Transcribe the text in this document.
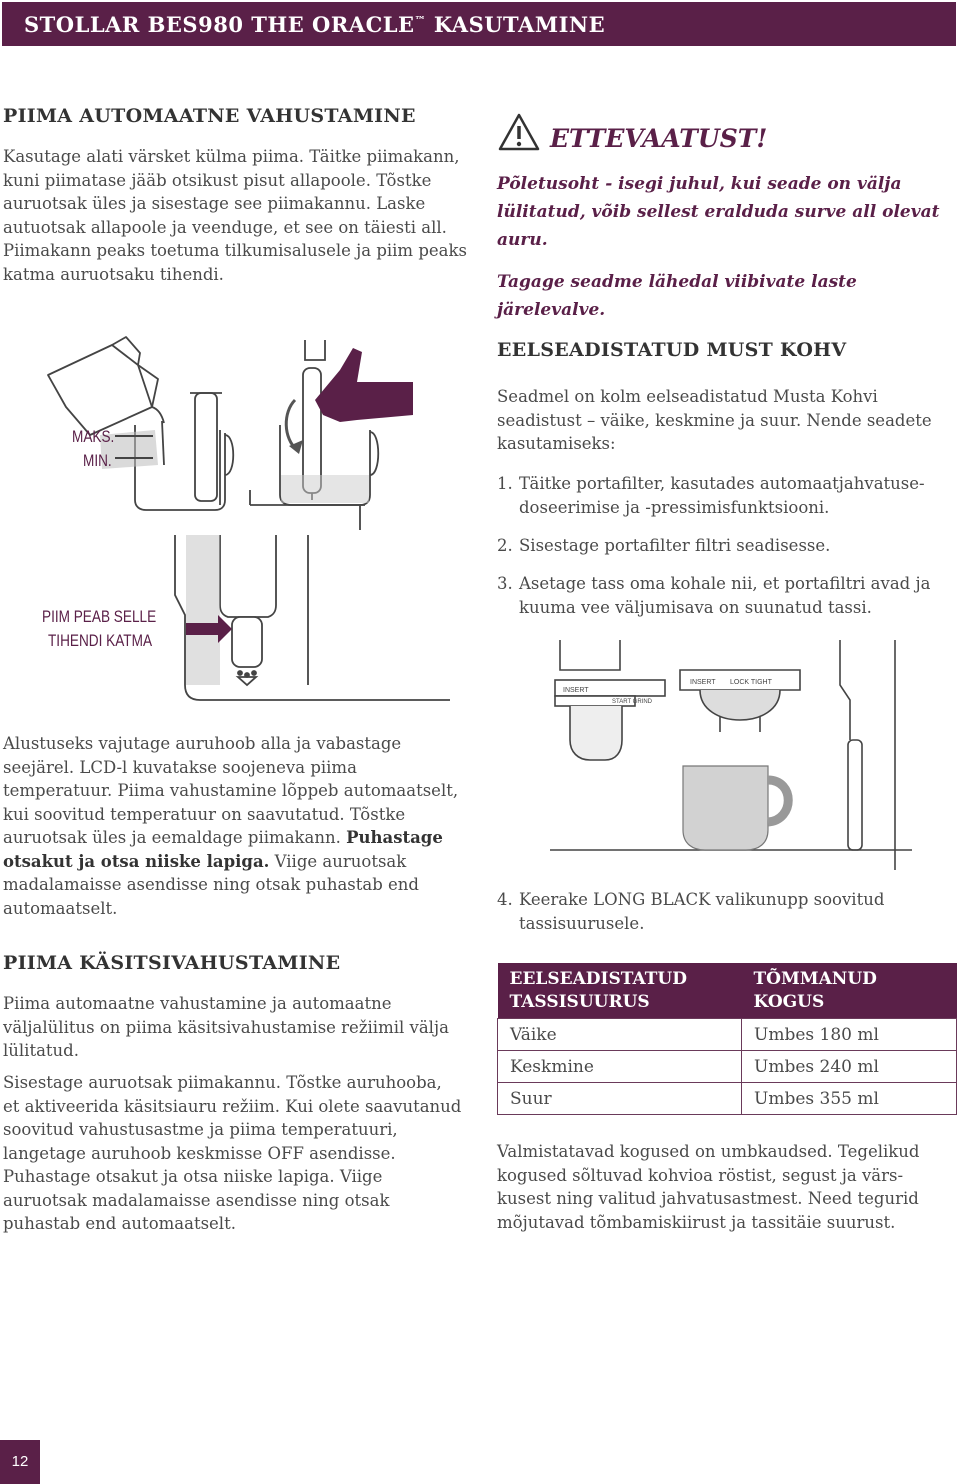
STOLLAR BES980 THE ORACLE™ KASUTAMINE
PIIMA AUTOMAATNE VAHUSTAMINE

Kasutage alati värsket külma piima. Täitke piimakann, kuni piimatase jääb otsikust pisut allapoole. Tõstke auruotsak üles ja sisestage see piimakannu. Laske autuotsak allapoole ja veenduge, et see on täiesti all. Piimakann peaks toetuma tilkumisalusele ja piim peaks katma auruotsaku tihendi.

MAKS.
MIN.
PIIM PEAB SELLE
TIHENDI KATMA

Alustuseks vajutage auruhoob alla ja vabastage seejärel. LCD-l kuvatakse soojeneva piima temperatuur. Piima vahustamine lõppeb automaatselt, kui soovitud temperatuur on saavutatud. Tõstke auruotsak üles ja eemaldage piimakann. Puhastage otsakut ja otsa niiske lapiga. Viige auruotsak madalamaisse asendisse ning otsak puhastab end automaatselt.

PIIMA KÄSITSIVAHUSTAMINE

Piima automaatne vahustamine ja automaatne väljalülitus on piima käsitsivahustamise režiimil välja lülitatud.

Sisestage auruotsak piimakannu. Tõstke auruhooba, et aktiveerida käsitsiauru režiim. Kui olete saavutanud soovitud vahustusastme ja piima temperatuuri, langetage auruhoob keskmisse OFF asendisse. Puhastage otsakut ja otsa niiske lapiga. Viige auruotsak madalamaisse asendisse ning otsak puhastab end automaatselt.

ETTEVAATUST!

Põletusoht - isegi juhul, kui seade on välja lülitatud, võib sellest eralduda surve all olevat auru.

Tagage seadme lähedal viibivate laste järelevalve.

EELSEADISTATUD MUST KOHV

Seadmel on kolm eelseadistatud Musta Kohvi seadistust – väike, keskmine ja suur. Nende seadete kasutamiseks:

1. Täitke portafilter, kasutades automaatjahvatuse-doseerimise ja -pressimisfunktsiooni.
2. Sisestage portafilter filtri seadisesse.
3. Asetage tass oma kohale nii, et portafiltri avad ja kuuma vee väljumisava on suunatud tassi.
INSERT
INSERT LOCK TIGHT
START GRIND
4. Keerake LONG BLACK valikunupp soovitud tassisuurusele.
EELSEADISTATUD
TASSISUURUS	TÕMMANUD
KOGUS
Väike	Umbes 180 ml
Keskmine	Umbes 240 ml
Suur	Umbes 355 ml

Valmistatavad kogused on umbkaudsed. Tegelikud kogused sõltuvad kohvioa röstist, segust ja värs-kusest ning valitud jahvatusastmest. Need tegurid mõjutavad tõmbamiskiirust ja tassitäie suurust.

12
